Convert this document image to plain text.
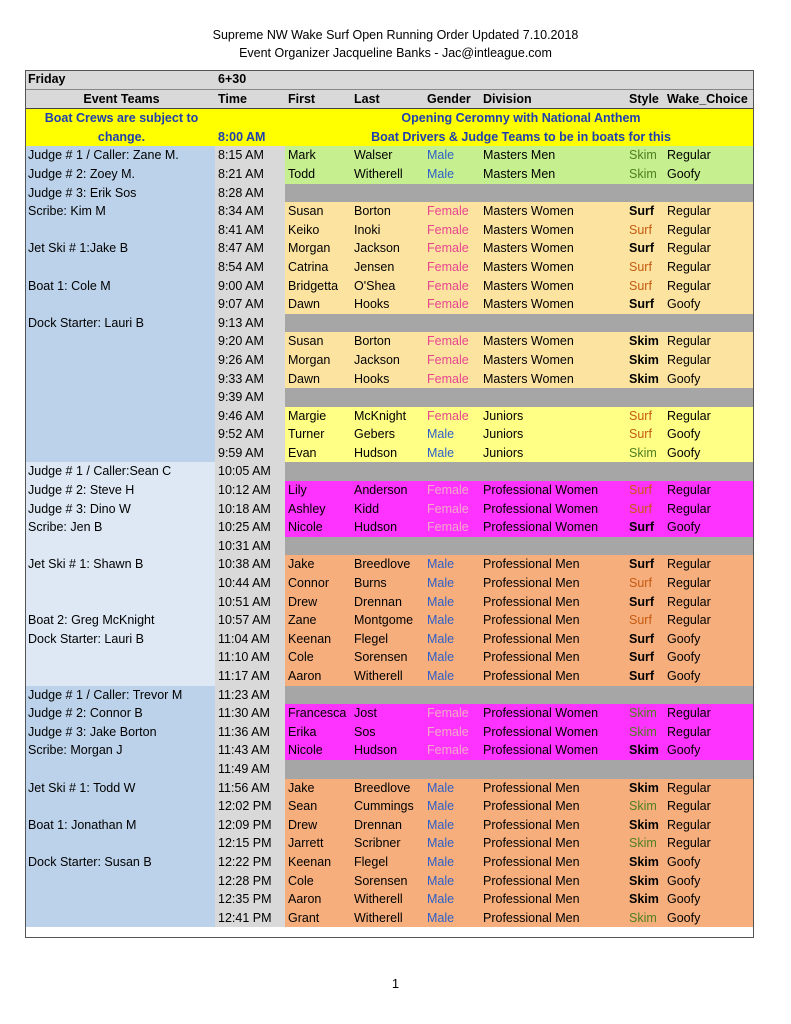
Supreme NW Wake Surf Open Running Order Updated 7.10.2018
Event Organizer Jacqueline Banks - Jac@intleague.com
Friday	6+30						
Event Teams	Time	First	Last	Gender	Division	Style	Wake_Choice
Boat Crews are subject to		Opening Ceromny with National Anthem					
change.	8:00 AM	Boat Drivers & Judge Teams to be in boats for this					
Judge # 1 / Caller: Zane M.	8:15 AM	Mark	Walser	Male	Masters Men	Skim	Regular
Judge # 2: Zoey M.	8:21 AM	Todd	Witherell	Male	Masters Men	Skim	Goofy
Judge # 3: Erik Sos	8:28 AM						
Scribe: Kim M	8:34 AM	Susan	Borton	Female	Masters Women	Surf	Regular
	8:41 AM	Keiko	Inoki	Female	Masters Women	Surf	Regular
Jet Ski # 1:Jake B	8:47 AM	Morgan	Jackson	Female	Masters Women	Surf	Regular
	8:54 AM	Catrina	Jensen	Female	Masters Women	Surf	Regular
Boat 1: Cole M	9:00 AM	Bridgetta	O'Shea	Female	Masters Women	Surf	Regular
	9:07 AM	Dawn	Hooks	Female	Masters Women	Surf	Goofy
Dock Starter: Lauri B	9:13 AM						
	9:20 AM	Susan	Borton	Female	Masters Women	Skim	Regular
	9:26 AM	Morgan	Jackson	Female	Masters Women	Skim	Regular
	9:33 AM	Dawn	Hooks	Female	Masters Women	Skim	Goofy
	9:39 AM						
	9:46 AM	Margie	McKnight	Female	Juniors	Surf	Regular
	9:52 AM	Turner	Gebers	Male	Juniors	Surf	Goofy
	9:59 AM	Evan	Hudson	Male	Juniors	Skim	Goofy
Judge # 1 / Caller:Sean C	10:05 AM						
Judge # 2: Steve H	10:12 AM	Lily	Anderson	Female	Professional Women	Surf	Regular
Judge # 3: Dino W	10:18 AM	Ashley	Kidd	Female	Professional Women	Surf	Regular
Scribe: Jen B	10:25 AM	Nicole	Hudson	Female	Professional Women	Surf	Goofy
	10:31 AM						
Jet Ski # 1: Shawn B	10:38 AM	Jake	Breedlove	Male	Professional Men	Surf	Regular
	10:44 AM	Connor	Burns	Male	Professional Men	Surf	Regular
	10:51 AM	Drew	Drennan	Male	Professional Men	Surf	Regular
Boat 2: Greg McKnight	10:57 AM	Zane	Montgome	Male	Professional Men	Surf	Regular
Dock Starter: Lauri B	11:04 AM	Keenan	Flegel	Male	Professional Men	Surf	Goofy
	11:10 AM	Cole	Sorensen	Male	Professional Men	Surf	Goofy
	11:17 AM	Aaron	Witherell	Male	Professional Men	Surf	Goofy
Judge # 1 / Caller: Trevor M	11:23 AM						
Judge # 2: Connor B	11:30 AM	Francesca	Jost	Female	Professional Women	Skim	Regular
Judge # 3: Jake Borton	11:36 AM	Erika	Sos	Female	Professional Women	Skim	Regular
Scribe: Morgan J	11:43 AM	Nicole	Hudson	Female	Professional Women	Skim	Goofy
	11:49 AM						
Jet Ski # 1: Todd W	11:56 AM	Jake	Breedlove	Male	Professional Men	Skim	Regular
	12:02 PM	Sean	Cummings	Male	Professional Men	Skim	Regular
Boat 1: Jonathan M	12:09 PM	Drew	Drennan	Male	Professional Men	Skim	Regular
	12:15 PM	Jarrett	Scribner	Male	Professional Men	Skim	Regular
Dock Starter: Susan B	12:22 PM	Keenan	Flegel	Male	Professional Men	Skim	Goofy
	12:28 PM	Cole	Sorensen	Male	Professional Men	Skim	Goofy
	12:35 PM	Aaron	Witherell	Male	Professional Men	Skim	Goofy
	12:41 PM	Grant	Witherell	Male	Professional Men	Skim	Goofy
1
